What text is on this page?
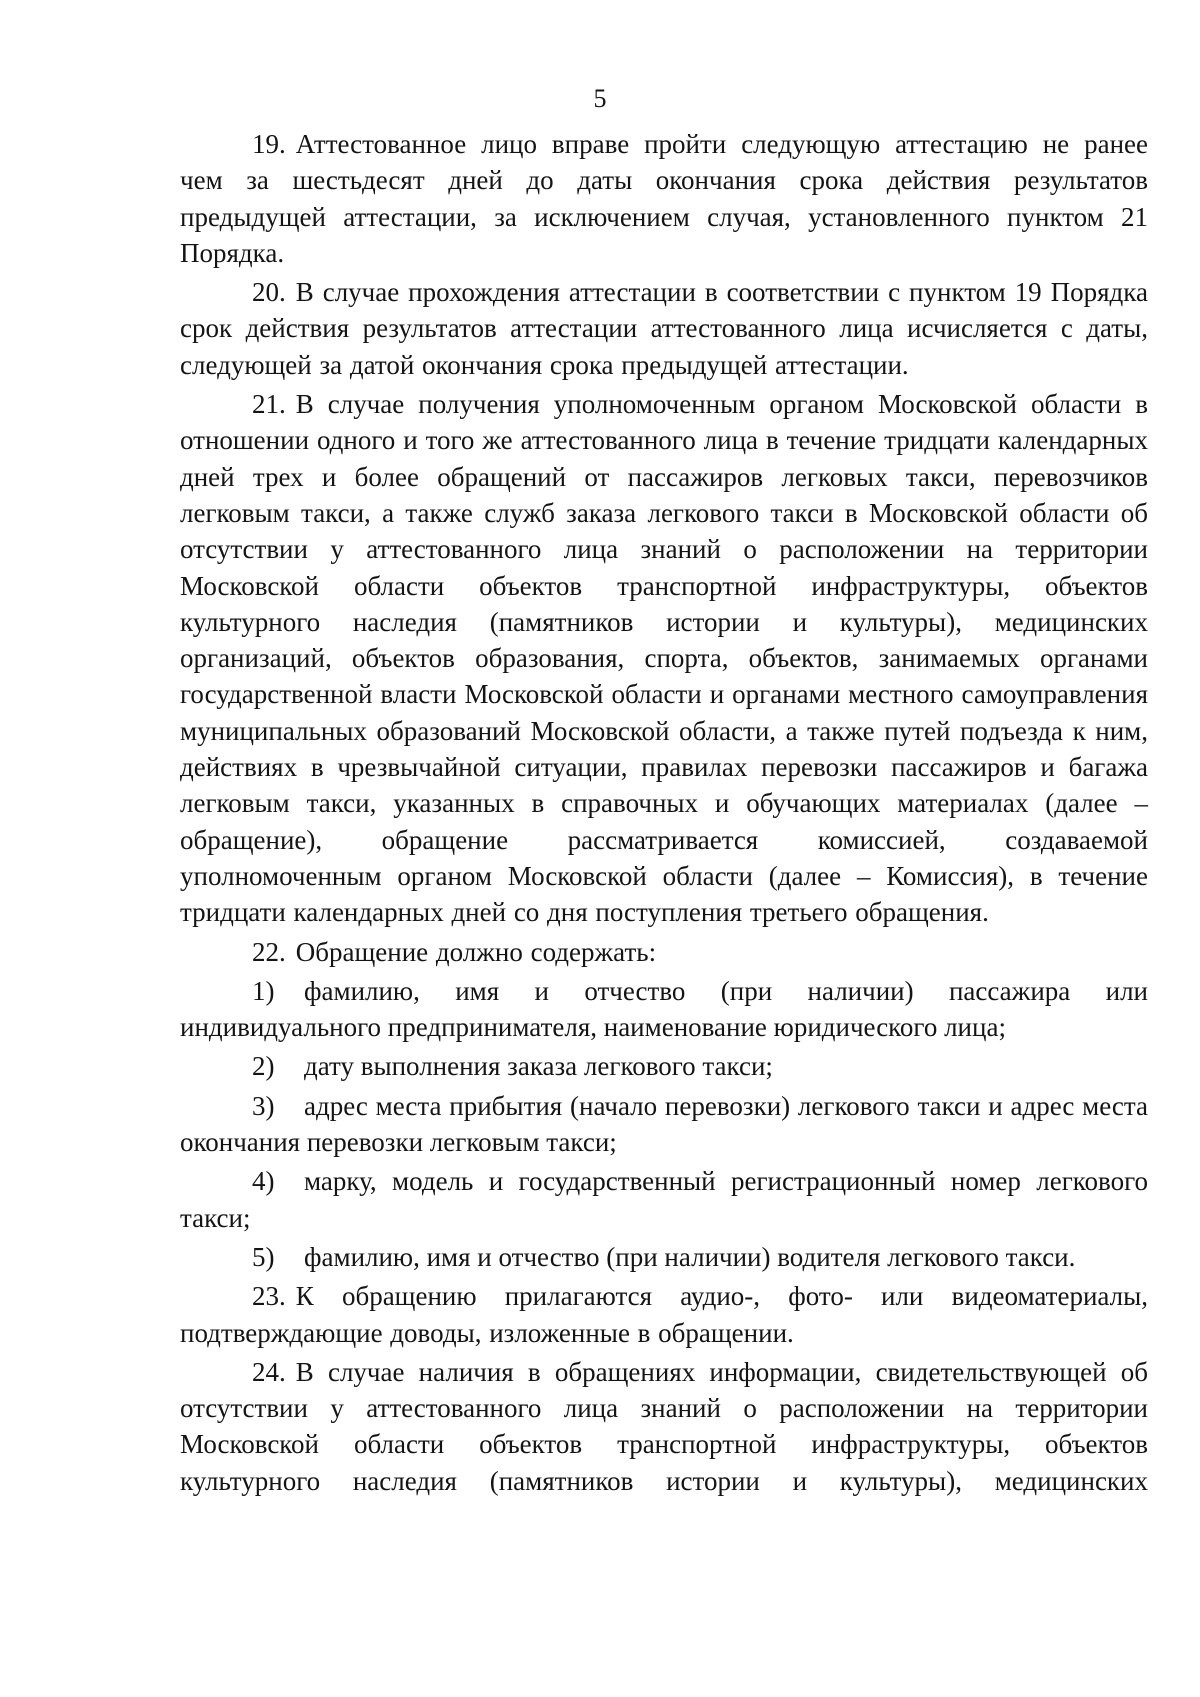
5

19. Аттестованное лицо вправе пройти следующую аттестацию не ранее чем за шестьдесят дней до даты окончания срока действия результатов предыдущей аттестации, за исключением случая, установленного пунктом 21 Порядка.

20. В случае прохождения аттестации в соответствии с пунктом 19 Порядка срок действия результатов аттестации аттестованного лица исчисляется с даты, следующей за датой окончания срока предыдущей аттестации.

21. В случае получения уполномоченным органом Московской области в отношении одного и того же аттестованного лица в течение тридцати календарных дней трех и более обращений от пассажиров легковых такси, перевозчиков легковым такси, а также служб заказа легкового такси в Московской области об отсутствии у аттестованного лица знаний о расположении на территории Московской области объектов транспортной инфраструктуры, объектов культурного наследия (памятников истории и культуры), медицинских организаций, объектов образования, спорта, объектов, занимаемых органами государственной власти Московской области и органами местного самоуправления муниципальных образований Московской области, а также путей подъезда к ним, действиях в чрезвычайной ситуации, правилах перевозки пассажиров и багажа легковым такси, указанных в справочных и обучающих материалах (далее – обращение), обращение рассматривается комиссией, создаваемой уполномоченным органом Московской области (далее – Комиссия), в течение тридцати календарных дней со дня поступления третьего обращения.

22. Обращение должно содержать:

1) фамилию, имя и отчество (при наличии) пассажира или индивидуального предпринимателя, наименование юридического лица;

2) дату выполнения заказа легкового такси;

3) адрес места прибытия (начало перевозки) легкового такси и адрес места окончания перевозки легковым такси;

4) марку, модель и государственный регистрационный номер легкового такси;

5) фамилию, имя и отчество (при наличии) водителя легкового такси.

23. К обращению прилагаются аудио-, фото- или видеоматериалы, подтверждающие доводы, изложенные в обращении.

24. В случае наличия в обращениях информации, свидетельствующей об отсутствии у аттестованного лица знаний о расположении на территории Московской области объектов транспортной инфраструктуры, объектов культурного наследия (памятников истории и культуры), медицинских
